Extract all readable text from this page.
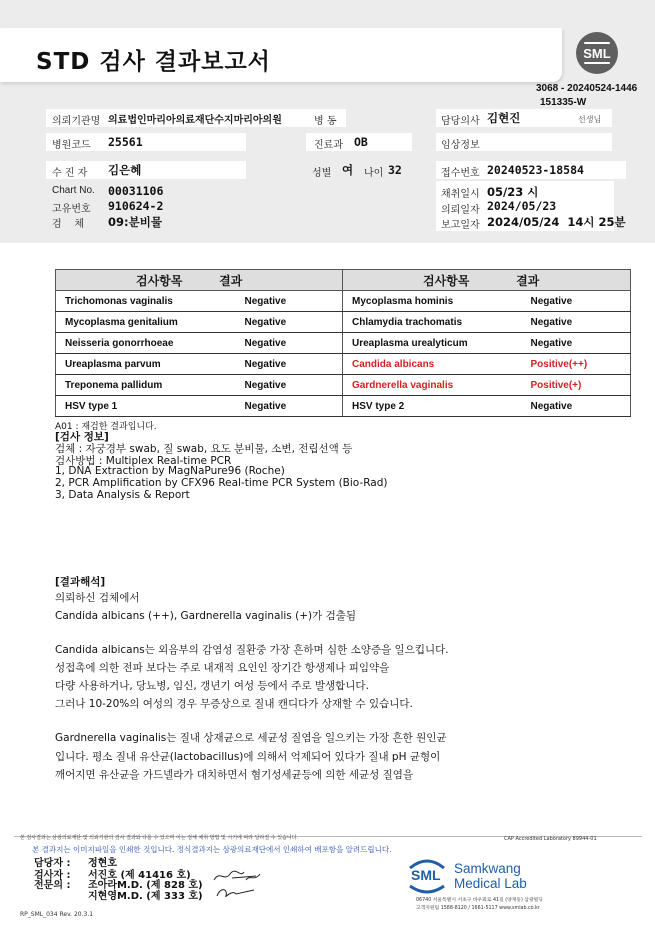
STD 검사 결과보고서	SML
3068 - 20240524-1446
151335-W
의뢰기관명 의료법인마리아의료재단수지마리아의원	병 동	담당의사 김현진	선생님
병원코드 25561	진료과 OB	임상정보
수 진 자 김은혜	성별 여 나이 32	접수번호 20240523-18584
Chart No. 00031106
고유번호 910624-2
검    체 09:분비물
채취일시 05/23 시
의뢰일자 2024/05/23
보고일자 2024/05/24  14시 25분
검사항목 결과		검사항목 결과	
Trichomonas vaginalis	Negative	Mycoplasma hominis	Negative
Mycoplasma genitalium	Negative	Chlamydia trachomatis	Negative
Neisseria gonorrhoeae	Negative	Ureaplasma urealyticum	Negative
Ureaplasma parvum	Negative	Candida albicans	Positive(++)
Treponema pallidum	Negative	Gardnerella vaginalis	Positive(+)
HSV type 1	Negative	HSV type 2	Negative
A01 : 재검한 결과입니다.
[검사 정보]
검체 : 자궁경부 swab, 질 swab, 요도 분비물, 소변, 전립선액 등
검사방법 : Multiplex Real-time PCR
1, DNA Extraction by MagNaPure96 (Roche)
2, PCR Amplification by CFX96 Real-time PCR System (Bio-Rad)
3, Data Analysis & Report
[결과해석]
의뢰하신 검체에서
Candida albicans (++), Gardnerella vaginalis (+)가 검출됨
Candida albicans는 외음부의 감염성 질환중 가장 흔하며 심한 소양증을 일으킵니다.
성접촉에 의한 전파 보다는 주로 내재적 요인인 장기간 항생제나 피임약을
다량 사용하거나, 당뇨병, 임신, 갱년기 여성 등에서 주로 발생합니다.
그러나 10-20%의 여성의 경우 무증상으로 질내 캔디다가 상재할 수 있습니다.
Gardnerella vaginalis는 질내 상재균으로 세균성 질염을 일으키는 가장 흔한 원인균
입니다. 평소 질내 유산균(lactobacillus)에 의해서 억제되어 있다가 질내 pH 균형이
깨어지면 유산균을 가드넬라가 대치하면서 혐기성세균등에 의한 세균성 질염을
본 검사결과는 삼광의료재단 및 의뢰기관의 검사 결과와 다를 수 있으며 이는 검체 채취 방법 및 시기에 따라 달라질 수 있습니다.	CAP Accredited Laboratory 89944-01
본 결과지는 이미지파일을 인쇄한 것입니다. 정식결과지는 삼광의료재단에서 인쇄하여 배포함을 알려드립니다.
담당자 : 정현호
검사자 : 서진호 (제 41416 호)
전문의 : 조아라M.D. (제 828 호)
지현영M.D. (제 333 호)
SML Samkwang
Medical Lab
06740 서울특별시 서초구 바우뫼로 41길 (양재동) 삼광빌딩
고객지원팀 1588-8120 / 1661-5117 www.smlab.co.kr
RP_SML_034 Rev. 20.3.1
